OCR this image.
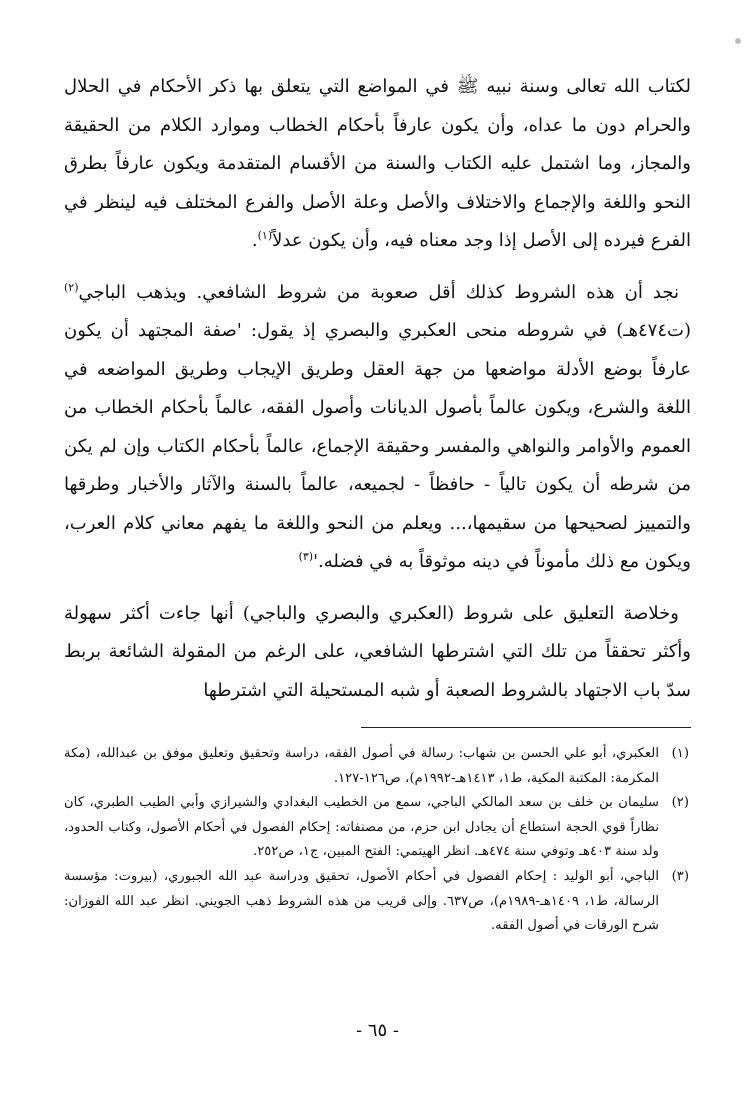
لكتاب الله تعالى وسنة نبيه ﷺ في المواضع التي يتعلق بها ذكر الأحكام في الحلال والحرام دون ما عداه، وأن يكون عارفاً بأحكام الخطاب وموارد الكلام من الحقيقة والمجاز، وما اشتمل عليه الكتاب والسنة من الأقسام المتقدمة ويكون عارفاً بطرق النحو واللغة والإجماع والاختلاف والأصل وعلة الأصل والفرع المختلف فيه لينظر في الفرع فيرده إلى الأصل إذا وجد معناه فيه، وأن يكون عدلاً$^{(١)}$.

نجد أن هذه الشروط كذلك أقل صعوبة من شروط الشافعي. ويذهب الباجي$^{(٢)}$(ت٤٧٤هـ) في شروطه منحى العكبري والبصري إذ يقول: 'صفة المجتهد أن يكون عارفاً بوضع الأدلة مواضعها من جهة العقل وطريق الإيجاب وطريق المواضعه في اللغة والشرع، ويكون عالماً بأصول الديانات وأصول الفقه، عالماً بأحكام الخطاب من العموم والأوامر والنواهي والمفسر وحقيقة الإجماع، عالماً بأحكام الكتاب وإن لم يكن من شرطه أن يكون تالياً - حافظاً - لجميعه، عالماً بالسنة والآثار والأخبار وطرقها والتمييز لصحيحها من سقيمها،... ويعلم من النحو واللغة ما يفهم معاني كلام العرب، ويكون مع ذلك مأموناً في دينه موثوقاً به في فضله.'$^{(٣)}$

وخلاصة التعليق على شروط (العكبري والبصري والباجي) أنها جاءت أكثر سهولة وأكثر تحققاً من تلك التي اشترطها الشافعي، على الرغم من المقولة الشائعة بربط سدّ باب الاجتهاد بالشروط الصعبة أو شبه المستحيلة التي اشترطها

(١)
العكبري، أبو علي الحسن بن شهاب: رسالة في أصول الفقه، دراسة وتحقيق وتعليق موفق بن عبدالله، (مكة المكرمة: المكتبة المكية، ط١، ١٤١٣هـ-١٩٩٢م)، ص١٢٦-١٢٧.
(٢)
سليمان بن خلف بن سعد المالكي الباجي، سمع من الخطيب البغدادي والشيرازي وأبي الطيب الطبري، كان نظاراً قوي الحجة استطاع أن يجادل ابن حزم، من مصنفاته: إحكام الفصول في أحكام الأصول، وكتاب الحدود، ولد سنة ٤٠٣هـ وتوفي سنة ٤٧٤هـ. انظر الهيتمي: الفتح المبين، ج١، ص٢٥٢.
(٣)
الباجي، أبو الوليد : إحكام الفصول في أحكام الأصول، تحقيق ودراسة عبد الله الجبوري، (بيروت: مؤسسة الرسالة، ط١، ١٤٠٩هـ-١٩٨٩م)، ص٦٣٧. وإلى قريب من هذه الشروط ذهب الجويني. انظر عبد الله الفوزان: شرح الورقات في أصول الفقه.
- ٦٥ -
